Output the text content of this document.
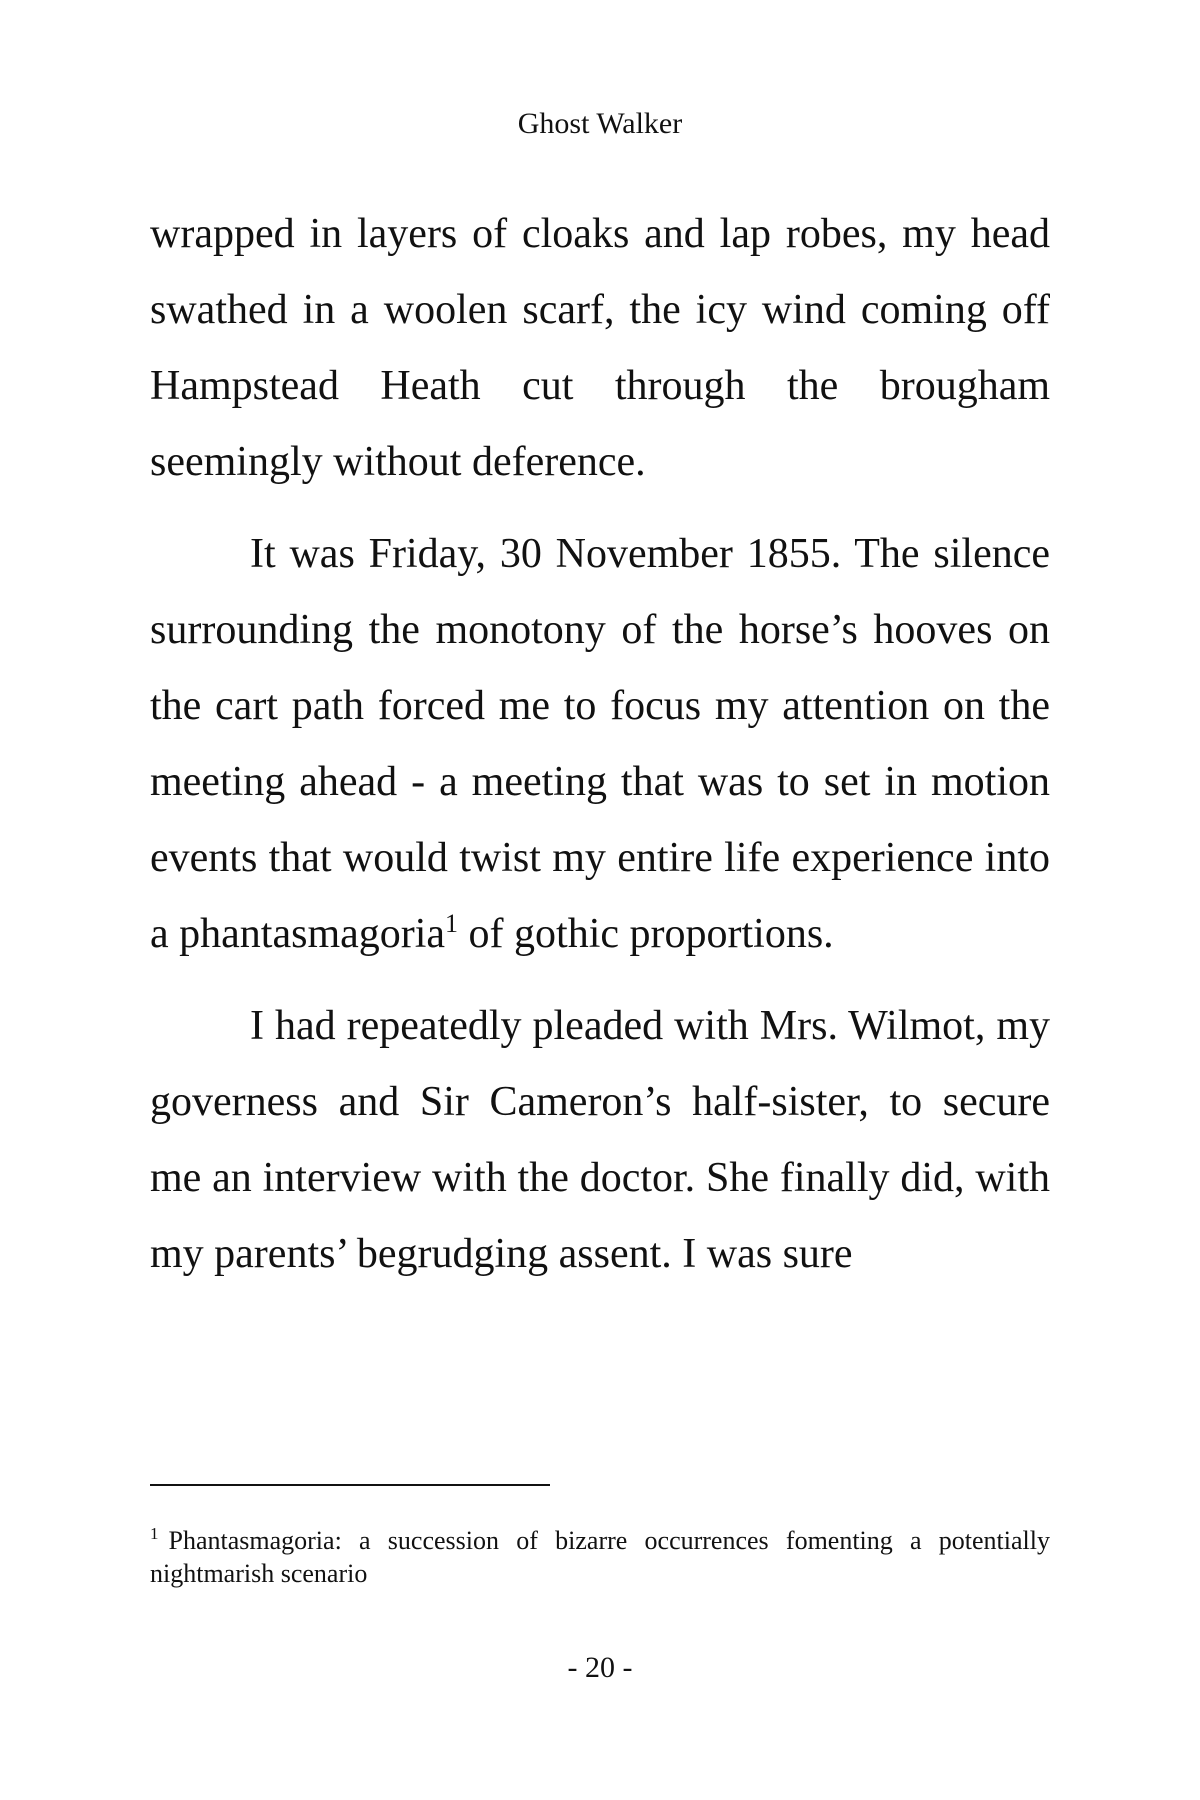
Ghost Walker

wrapped in layers of cloaks and lap robes, my head swathed in a woolen scarf, the icy wind coming off Hampstead Heath cut through the brougham seemingly without deference.

It was Friday, 30 November 1855. The silence surrounding the monotony of the horse’s hooves on the cart path forced me to focus my attention on the meeting ahead - a meeting that was to set in motion events that would twist my entire life experience into a phantasmagoria$^1$ of gothic proportions.

I had repeatedly pleaded with Mrs. Wilmot, my governess and Sir Cameron’s half-sister, to secure me an interview with the doctor. She finally did, with my parents’ begrudging assent. I was sure

$^1$ Phantasmagoria: a succession of bizarre occurrences fomenting a potentially nightmarish scenario
- 20 -
